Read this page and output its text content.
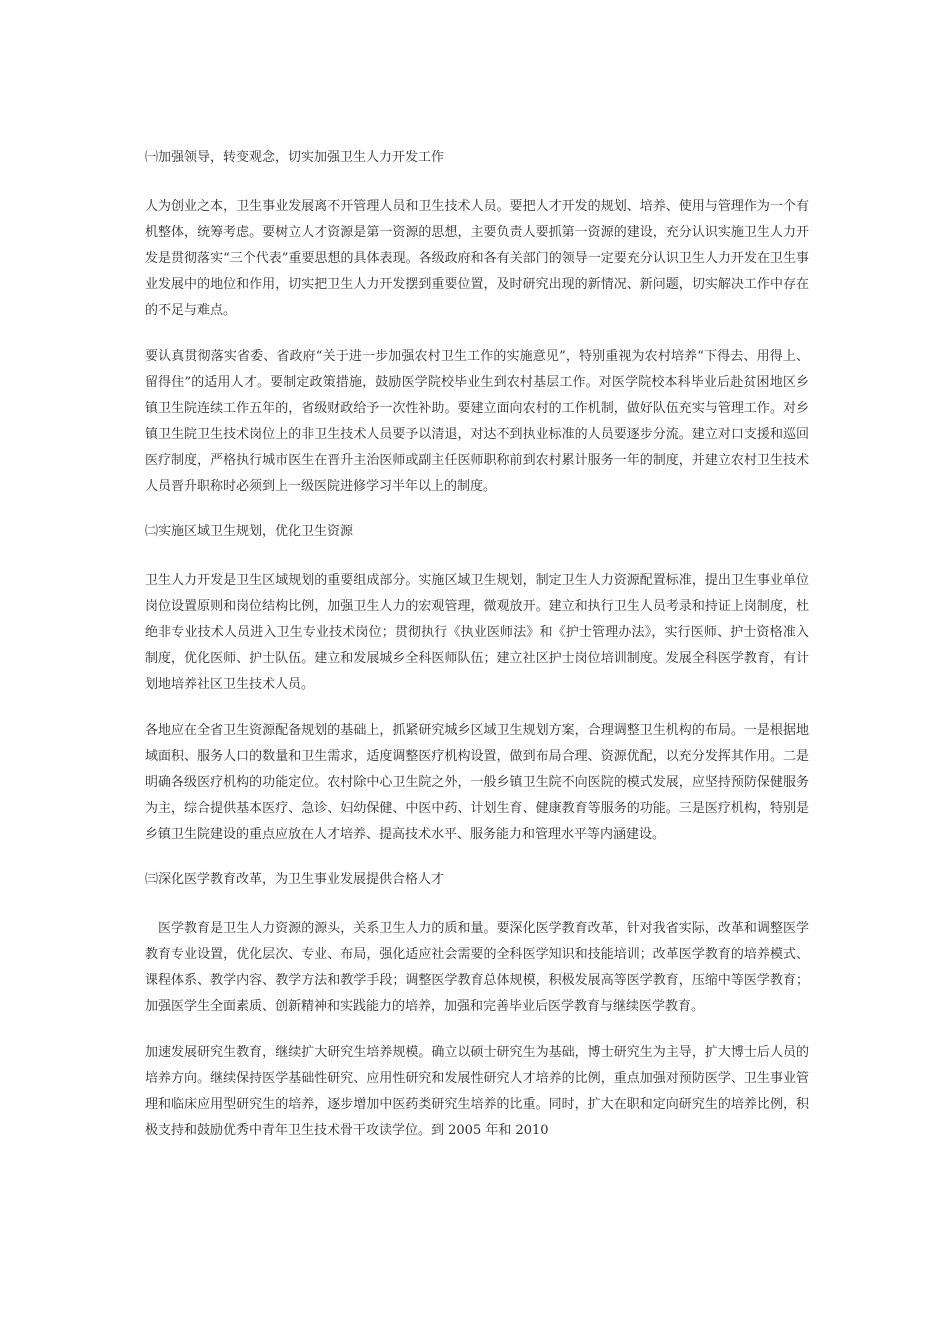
㈠加强领导，转变观念，切实加强卫生人力开发工作

人为创业之本，卫生事业发展离不开管理人员和卫生技术人员。要把人才开发的规划、培养、使用与管理作为一个有机整体，统筹考虑。要树立人才资源是第一资源的思想，主要负责人要抓第一资源的建设，充分认识实施卫生人力开发是贯彻落实“三个代表”重要思想的具体表现。各级政府和各有关部门的领导一定要充分认识卫生人力开发在卫生事业发展中的地位和作用，切实把卫生人力开发摆到重要位置，及时研究出现的新情况、新问题，切实解决工作中存在的不足与难点。

要认真贯彻落实省委、省政府“关于进一步加强农村卫生工作的实施意见”，特别重视为农村培养“下得去、用得上、留得住”的适用人才。要制定政策措施，鼓励医学院校毕业生到农村基层工作。对医学院校本科毕业后赴贫困地区乡镇卫生院连续工作五年的，省级财政给予一次性补助。要建立面向农村的工作机制，做好队伍充实与管理工作。对乡镇卫生院卫生技术岗位上的非卫生技术人员要予以清退，对达不到执业标准的人员要逐步分流。建立对口支援和巡回医疗制度，严格执行城市医生在晋升主治医师或副主任医师职称前到农村累计服务一年的制度，并建立农村卫生技术人员晋升职称时必须到上一级医院进修学习半年以上的制度。

㈡实施区域卫生规划，优化卫生资源

卫生人力开发是卫生区域规划的重要组成部分。实施区域卫生规划，制定卫生人力资源配置标准，提出卫生事业单位岗位设置原则和岗位结构比例，加强卫生人力的宏观管理，微观放开。建立和执行卫生人员考录和持证上岗制度，杜绝非专业技术人员进入卫生专业技术岗位；贯彻执行《执业医师法》和《护士管理办法》，实行医师、护士资格准入制度，优化医师、护士队伍。建立和发展城乡全科医师队伍；建立社区护士岗位培训制度。发展全科医学教育，有计划地培养社区卫生技术人员。

各地应在全省卫生资源配备规划的基础上，抓紧研究城乡区域卫生规划方案，合理调整卫生机构的布局。一是根据地域面积、服务人口的数量和卫生需求，适度调整医疗机构设置，做到布局合理、资源优配，以充分发挥其作用。二是明确各级医疗机构的功能定位。农村除中心卫生院之外，一般乡镇卫生院不向医院的模式发展，应坚持预防保健服务为主，综合提供基本医疗、急诊、妇幼保健、中医中药、计划生育、健康教育等服务的功能。三是医疗机构，特别是乡镇卫生院建设的重点应放在人才培养、提高技术水平、服务能力和管理水平等内涵建设。

㈢深化医学教育改革，为卫生事业发展提供合格人才

医学教育是卫生人力资源的源头，关系卫生人力的质和量。要深化医学教育改革，针对我省实际，改革和调整医学教育专业设置，优化层次、专业、布局，强化适应社会需要的全科医学知识和技能培训；改革医学教育的培养模式、课程体系、教学内容、教学方法和教学手段；调整医学教育总体规模，积极发展高等医学教育，压缩中等医学教育；加强医学生全面素质、创新精神和实践能力的培养，加强和完善毕业后医学教育与继续医学教育。

加速发展研究生教育，继续扩大研究生培养规模。确立以硕士研究生为基础，博士研究生为主导，扩大博士后人员的培养方向。继续保持医学基础性研究、应用性研究和发展性研究人才培养的比例，重点加强对预防医学、卫生事业管理和临床应用型研究生的培养，逐步增加中医药类研究生培养的比重。同时，扩大在职和定向研究生的培养比例，积极支持和鼓励优秀中青年卫生技术骨干攻读学位。到 2005 年和 2010
